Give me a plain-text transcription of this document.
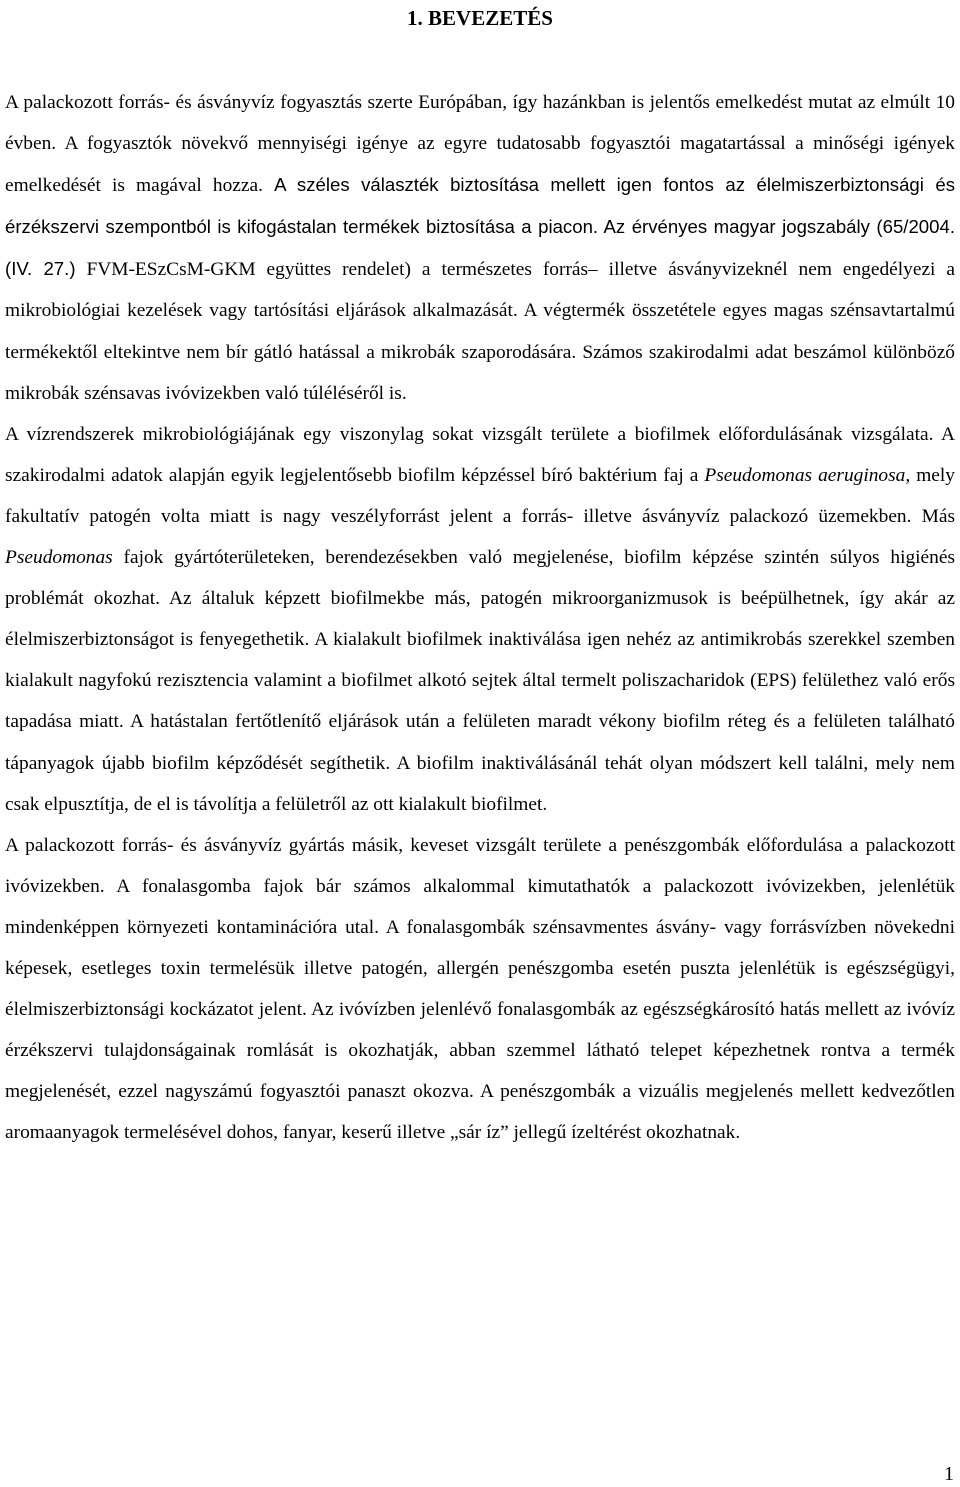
1. BEVEZETÉS

A palackozott forrás- és ásványvíz fogyasztás szerte Európában, így hazánkban is jelentős emelkedést mutat az elmúlt 10 évben. A fogyasztók növekvő mennyiségi igénye az egyre tudatosabb fogyasztói magatartással a minőségi igények emelkedését is magával hozza. A széles választék biztosítása mellett igen fontos az élelmiszerbiztonsági és érzékszervi szempontból is kifogástalan termékek biztosítása a piacon. Az érvényes magyar jogszabály (65/2004. (IV. 27.) FVM-ESzCsM-GKM együttes rendelet) a természetes forrás– illetve ásványvizeknél nem engedélyezi a mikrobiológiai kezelések vagy tartósítási eljárások alkalmazását. A végtermék összetétele egyes magas szénsavtartalmú termékektől eltekintve nem bír gátló hatással a mikrobák szaporodására. Számos szakirodalmi adat beszámol különböző mikrobák szénsavas ivóvizekben való túléléséről is.

A vízrendszerek mikrobiológiájának egy viszonylag sokat vizsgált területe a biofilmek előfordulásának vizsgálata. A szakirodalmi adatok alapján egyik legjelentősebb biofilm képzéssel bíró baktérium faj a Pseudomonas aeruginosa, mely fakultatív patogén volta miatt is nagy veszélyforrást jelent a forrás- illetve ásványvíz palackozó üzemekben. Más Pseudomonas fajok gyártóterületeken, berendezésekben való megjelenése, biofilm képzése szintén súlyos higiénés problémát okozhat. Az általuk képzett biofilmekbe más, patogén mikroorganizmusok is beépülhetnek, így akár az élelmiszerbiztonságot is fenyegethetik. A kialakult biofilmek inaktiválása igen nehéz az antimikrobás szerekkel szemben kialakult nagyfokú rezisztencia valamint a biofilmet alkotó sejtek által termelt poliszacharidok (EPS) felülethez való erős tapadása miatt. A hatástalan fertőtlenítő eljárások után a felületen maradt vékony biofilm réteg és a felületen található tápanyagok újabb biofilm képződését segíthetik. A biofilm inaktiválásánál tehát olyan módszert kell találni, mely nem csak elpusztítja, de el is távolítja a felületről az ott kialakult biofilmet.

A palackozott forrás- és ásványvíz gyártás másik, keveset vizsgált területe a penészgombák előfordulása a palackozott ivóvizekben. A fonalasgomba fajok bár számos alkalommal kimutathatók a palackozott ivóvizekben, jelenlétük mindenképpen környezeti kontaminációra utal. A fonalasgombák szénsavmentes ásvány- vagy forrásvízben növekedni képesek, esetleges toxin termelésük illetve patogén, allergén penészgomba esetén puszta jelenlétük is egészségügyi, élelmiszerbiztonsági kockázatot jelent. Az ivóvízben jelenlévő fonalasgombák az egészségkárosító hatás mellett az ivóvíz érzékszervi tulajdonságainak romlását is okozhatják, abban szemmel látható telepet képezhetnek rontva a termék megjelenését, ezzel nagyszámú fogyasztói panaszt okozva. A penészgombák a vizuális megjelenés mellett kedvezőtlen aromaanyagok termelésével dohos, fanyar, keserű illetve „sár íz” jellegű ízeltérést okozhatnak.

1
